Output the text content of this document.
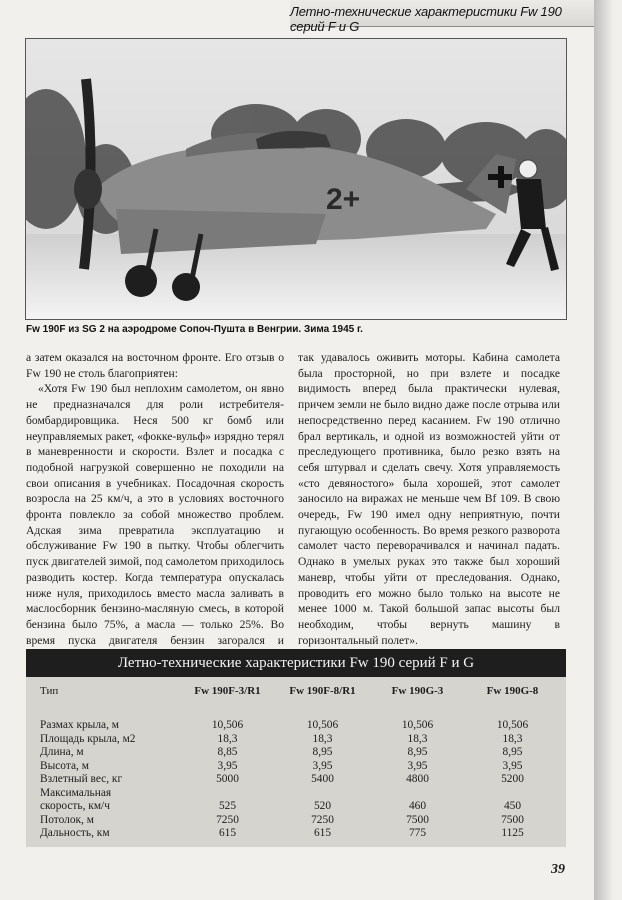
Летно-технические характеристики Fw 190 серий F и G
2+
Fw 190F из SG 2 на аэродроме Сопоч-Пушта в Венгрии. Зима 1945 г.

а затем оказался на восточном фронте. Его отзыв о Fw 190 не столь благоприятен:

«Хотя Fw 190 был неплохим самолетом, он явно не предназначался для роли истребителя-бомбардировщика. Неся 500 кг бомб или неуправляемых ракет, «фокке-вульф» изрядно терял в маневренности и скорости. Взлет и посадка с подобной нагрузкой совершенно не походили на свои описания в учебниках. Посадочная скорость возросла на 25 км/ч, а это в условиях восточного фронта повлекло за собой множество проблем. Адская зима превратила эксплуатацию и обслуживание Fw 190 в пытку. Чтобы облегчить пуск двигателей зимой, под самолетом приходилось разводить костер. Когда температура опускалась ниже нуля, приходилось вместо масла заливать в маслосборник бензино-масляную смесь, в которой бензина было 75%, а масла — только 25%. Во время пуска двигателя бензин загорался и

так удавалось оживить моторы. Кабина самолета была просторной, но при взлете и посадке видимость вперед была практически нулевая, причем земли не было видно даже после отрыва или непосредственно перед касанием. Fw 190 отлично брал вертикаль, и одной из возможностей уйти от преследующего противника, было резко взять на себя штурвал и сделать свечу. Хотя управляемость «сто девяностого» была хорошей, этот самолет заносило на виражах не меньше чем Bf 109. В свою очередь, Fw 190 имел одну неприятную, почти пугающую особенность. Во время резкого разворота самолет часто переворачивался и начинал падать. Однако в умелых руках это также был хороший маневр, чтобы уйти от преследования. Однако, проводить его можно было только на высоте не менее 1000 м. Такой большой запас высоты был необходим, чтобы вернуть машину в горизонтальный полет».

Летно-технические характеристики Fw 190 серий F и G
Тип	Fw 190F-3/R1	Fw 190F-8/R1	Fw 190G-3	Fw 190G-8
Размах крыла, м	10,506	10,506	10,506	10,506
Площадь крыла, м2	18,3	18,3	18,3	18,3
Длина, м	8,85	8,95	8,95	8,95
Высота, м	3,95	3,95	3,95	3,95
Взлетный вес, кг	5000	5400	4800	5200
Максимальная				
скорость, км/ч	525	520	460	450
Потолок, м	7250	7250	7500	7500
Дальность, км	615	615	775	1125
39
